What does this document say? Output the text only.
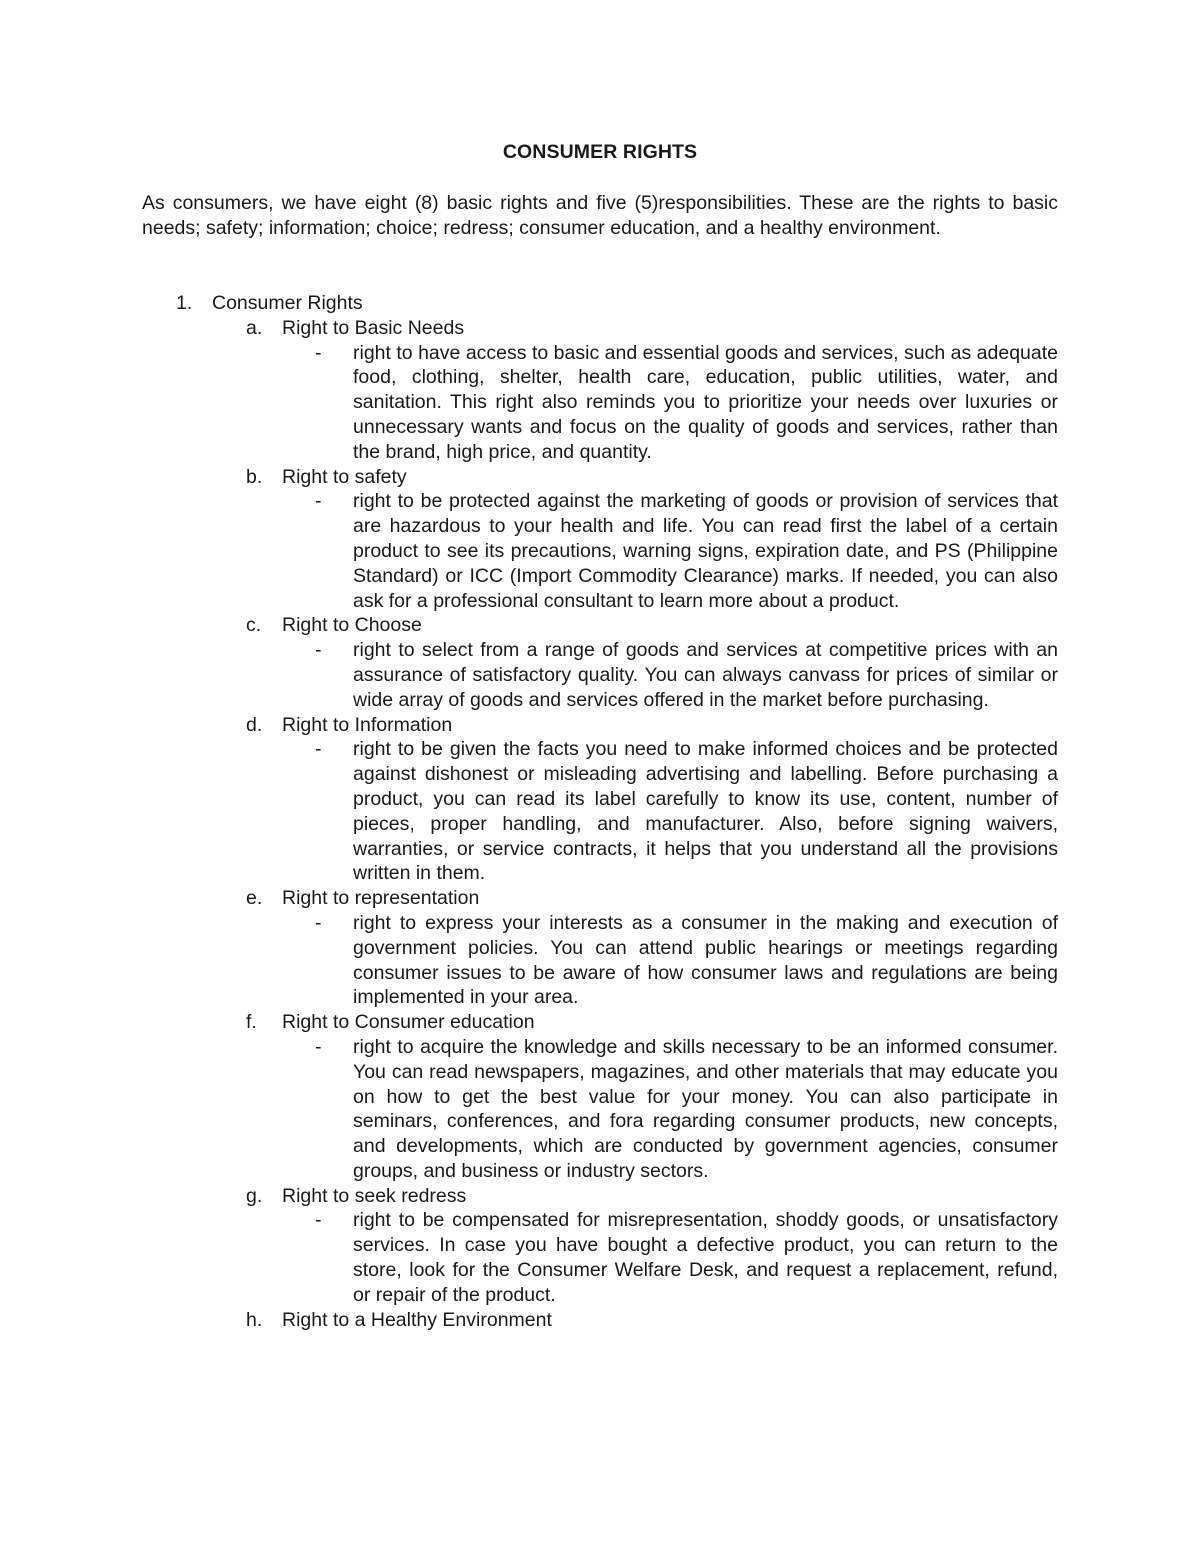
CONSUMER RIGHTS
As consumers, we have eight (8) basic rights and five (5)responsibilities. These are the rights to basic needs; safety; information; choice; redress; consumer education, and a healthy environment.
1.	Consumer Rights
a. Right to Basic Needs
- right to have access to basic and essential goods and services, such as adequate food, clothing, shelter, health care, education, public utilities, water, and sanitation. This right also reminds you to prioritize your needs over luxuries or unnecessary wants and focus on the quality of goods and services, rather than the brand, high price, and quantity.
b. Right to safety
- right to be protected against the marketing of goods or provision of services that are hazardous to your health and life. You can read first the label of a certain product to see its precautions, warning signs, expiration date, and PS (Philippine Standard) or ICC (Import Commodity Clearance) marks. If needed, you can also ask for a professional consultant to learn more about a product.
c. Right to Choose
- right to select from a range of goods and services at competitive prices with an assurance of satisfactory quality. You can always canvass for prices of similar or wide array of goods and services offered in the market before purchasing.
d. Right to Information
- right to be given the facts you need to make informed choices and be protected against dishonest or misleading advertising and labelling. Before purchasing a product, you can read its label carefully to know its use, content, number of pieces, proper handling, and manufacturer. Also, before signing waivers, warranties, or service contracts, it helps that you understand all the provisions written in them.
e. Right to representation
- right to express your interests as a consumer in the making and execution of government policies. You can attend public hearings or meetings regarding consumer issues to be aware of how consumer laws and regulations are being implemented in your area.
f. Right to Consumer education
- right to acquire the knowledge and skills necessary to be an informed consumer. You can read newspapers, magazines, and other materials that may educate you on how to get the best value for your money. You can also participate in seminars, conferences, and fora regarding consumer products, new concepts, and developments, which are conducted by government agencies, consumer groups, and business or industry sectors.
g. Right to seek redress
- right to be compensated for misrepresentation, shoddy goods, or unsatisfactory services. In case you have bought a defective product, you can return to the store, look for the Consumer Welfare Desk, and request a replacement, refund, or repair of the product.
h. Right to a Healthy Environment
